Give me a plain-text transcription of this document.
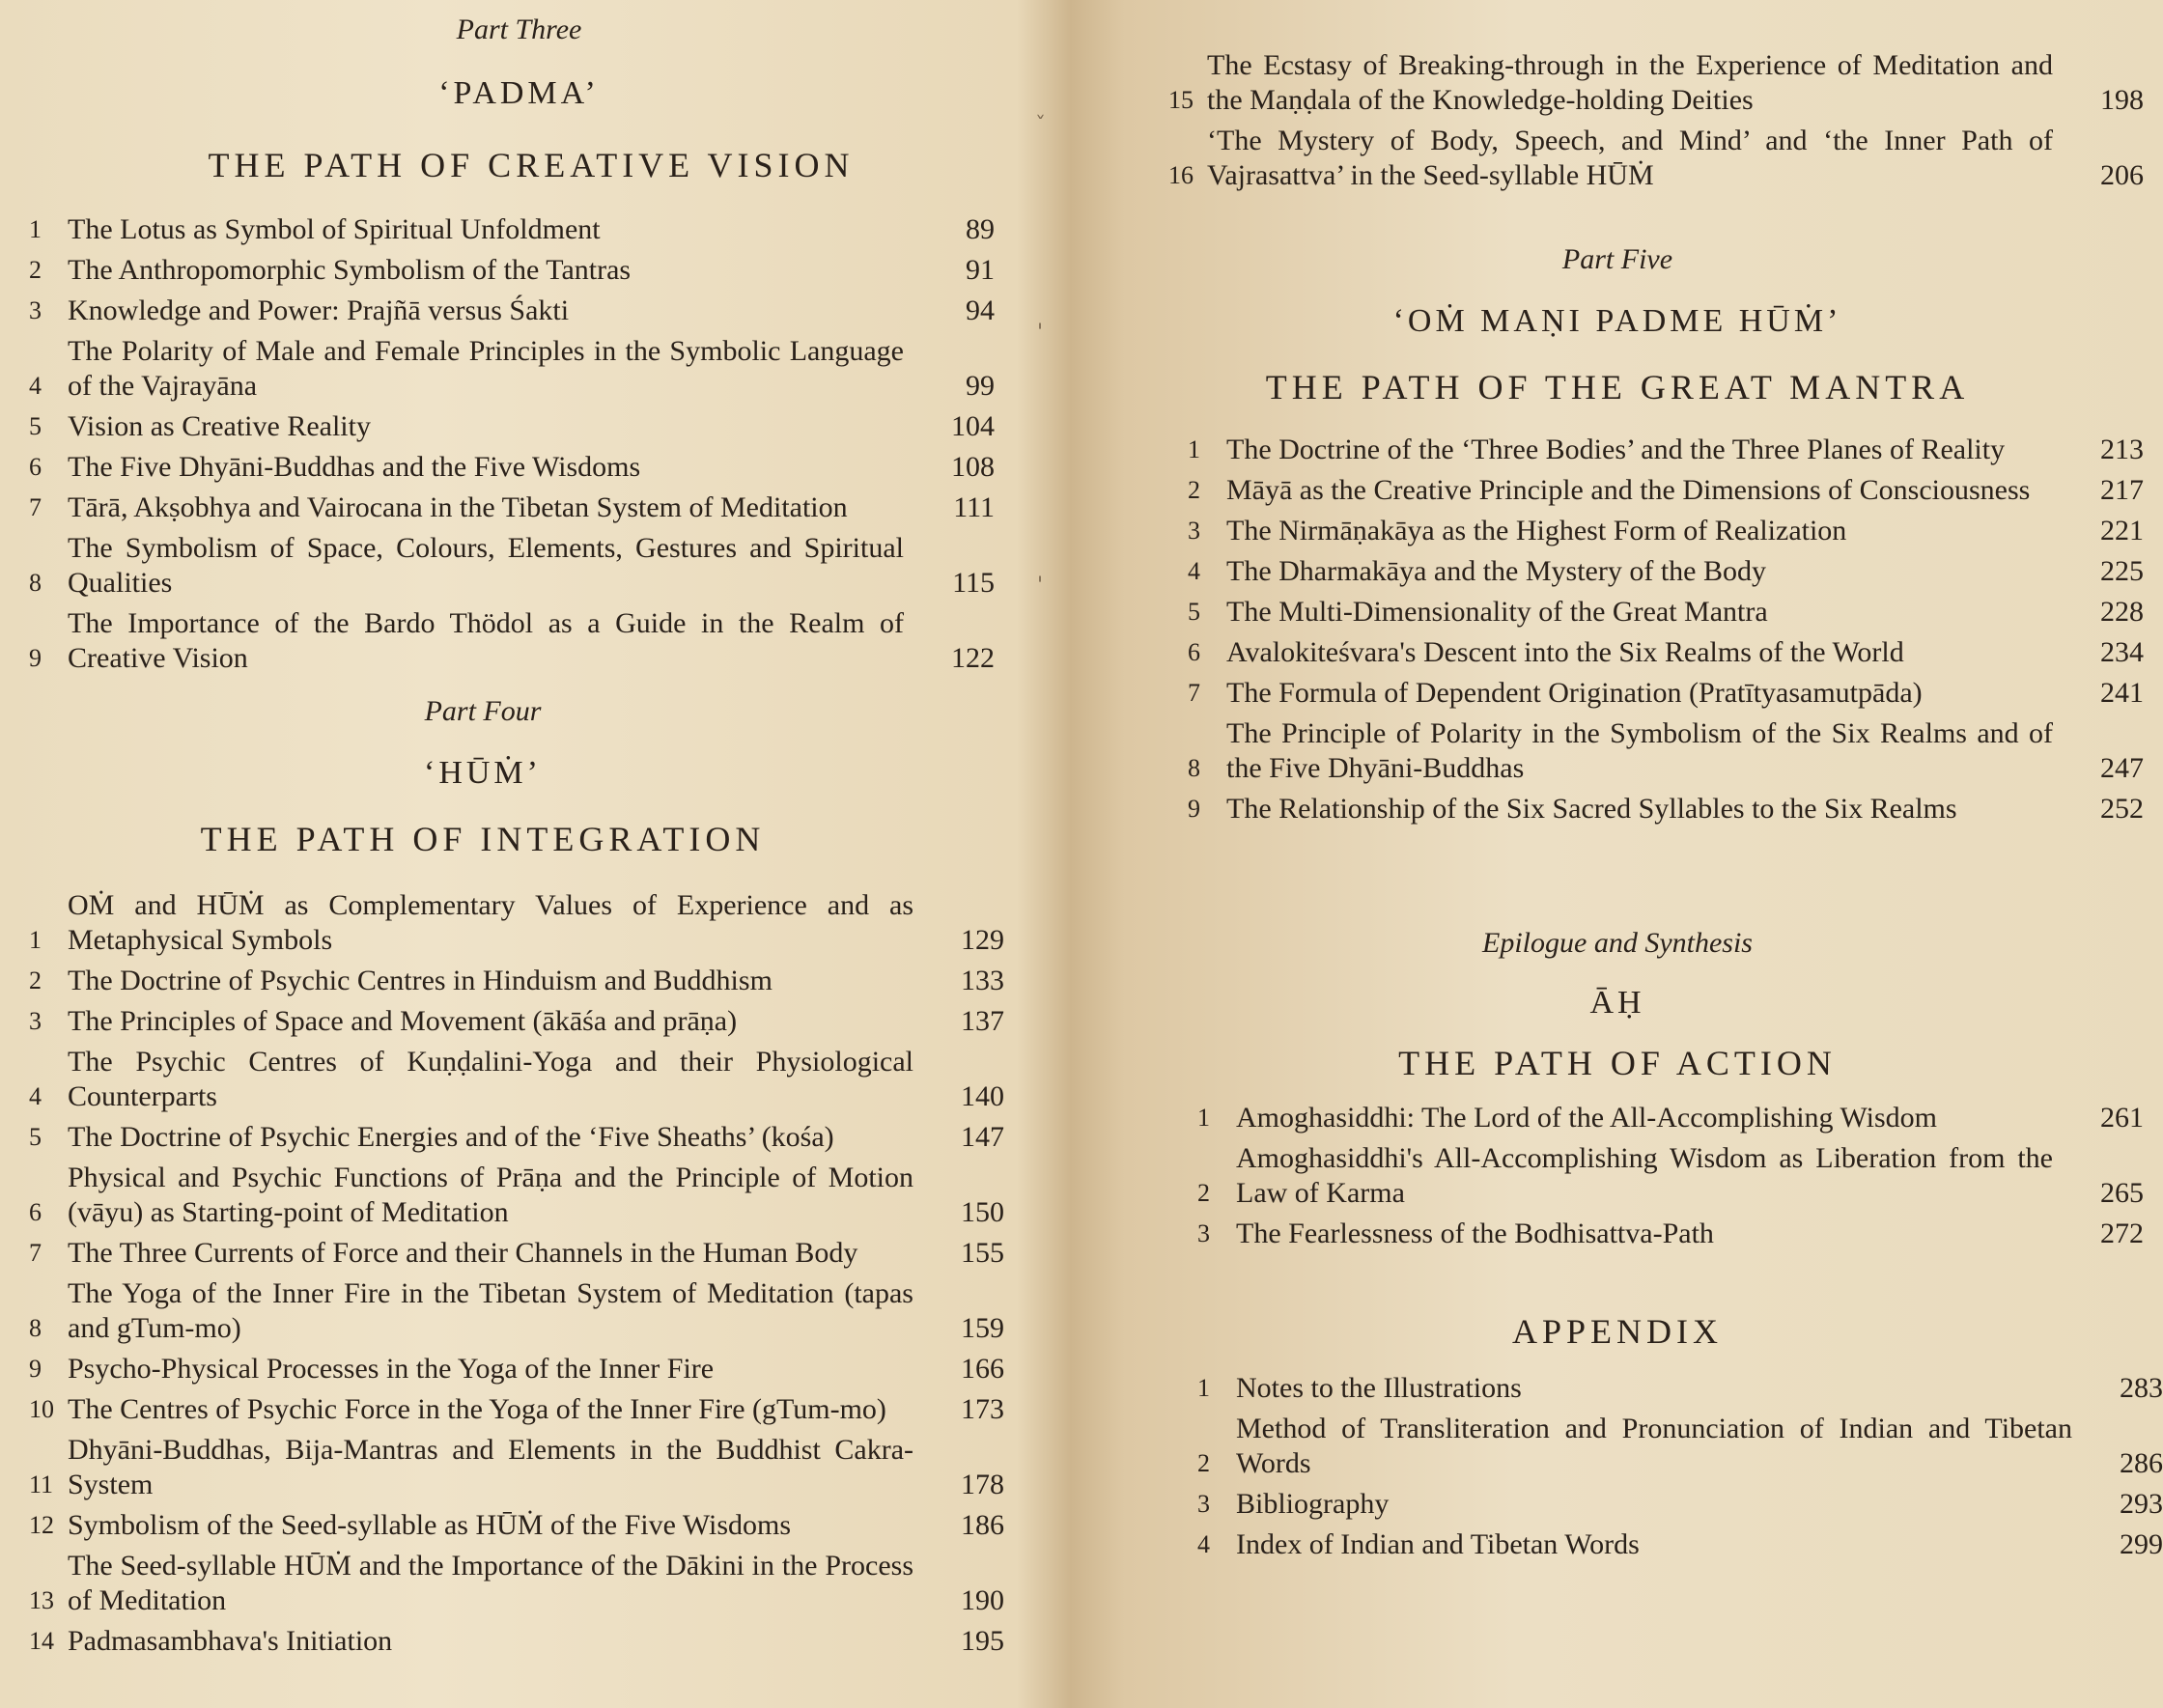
Part Three
‘PADMA’
THE PATH OF CREATIVE VISION
1 The Lotus as Symbol of Spiritual Unfoldment	89
2 The Anthropomorphic Symbolism of the Tantras	91
3 Knowledge and Power: Prajñā versus Śakti	94
4
The Polarity of Male and Female Principles in the Symbolic Language of the Vajrayāna	99
5 Vision as Creative Reality	104
6 The Five Dhyāni-Buddhas and the Five Wisdoms	108
7 Tārā, Akṣobhya and Vairocana in the Tibetan System of Meditation	111
8
The Symbolism of Space, Colours, Elements, Gestures and Spiritual Qualities	115
9
The Importance of the Bardo Thödol as a Guide in the Realm of Creative Vision	122
Part Four
‘HŪṀ’
THE PATH OF INTEGRATION
1
OṀ and HŪṀ as Complementary Values of Experience and as Metaphysical Symbols	129
2 The Doctrine of Psychic Centres in Hinduism and Buddhism	133
3 The Principles of Space and Movement (ākāśa and prāṇa)	137
4
The Psychic Centres of Kuṇḍalini-Yoga and their Physiological Counterparts	140
5 The Doctrine of Psychic Energies and of the ‘Five Sheaths’ (kośa)	147
6
Physical and Psychic Functions of Prāṇa and the Principle of Motion (vāyu) as Starting-point of Meditation	150
7 The Three Currents of Force and their Channels in the Human Body	155
8
The Yoga of the Inner Fire in the Tibetan System of Meditation (tapas and gTum-mo)	159
9 Psycho-Physical Processes in the Yoga of the Inner Fire	166
10 The Centres of Psychic Force in the Yoga of the Inner Fire (gTum-mo)	173
11
Dhyāni-Buddhas, Bija-Mantras and Elements in the Buddhist Cakra-System	178
12 Symbolism of the Seed-syllable as HŪṀ of the Five Wisdoms	186
13
The Seed-syllable HŪṀ and the Importance of the Dākini in the Process of Meditation	190
14 Padmasambhava's Initiation	195
ˇ
'
'
15
The Ecstasy of Breaking-through in the Experience of Meditation and the Maṇḍala of the Knowledge-holding Deities	198
16
‘The Mystery of Body, Speech, and Mind’ and ‘the Inner Path of Vajrasattva’ in the Seed-syllable HŪṀ	206
Part Five
‘OṀ MAṆI PADME HŪṀ’
THE PATH OF THE GREAT MANTRA
1 The Doctrine of the ‘Three Bodies’ and the Three Planes of Reality	213
2 Māyā as the Creative Principle and the Dimensions of Consciousness	217
3 The Nirmāṇakāya as the Highest Form of Realization	221
4 The Dharmakāya and the Mystery of the Body	225
5 The Multi-Dimensionality of the Great Mantra	228
6 Avalokiteśvara's Descent into the Six Realms of the World	234
7 The Formula of Dependent Origination (Pratītyasamutpāda)	241
8
The Principle of Polarity in the Symbolism of the Six Realms and of the Five Dhyāni-Buddhas	247
9 The Relationship of the Six Sacred Syllables to the Six Realms	252
Epilogue and Synthesis
ĀḤ
THE PATH OF ACTION
1 Amoghasiddhi: The Lord of the All-Accomplishing Wisdom	261
2
Amoghasiddhi's All-Accomplishing Wisdom as Liberation from the Law of Karma	265
3 The Fearlessness of the Bodhisattva-Path	272
APPENDIX
1 Notes to the Illustrations	283
2
Method of Transliteration and Pronunciation of Indian and Tibetan Words	286
3 Bibliography	293
4 Index of Indian and Tibetan Words	299
